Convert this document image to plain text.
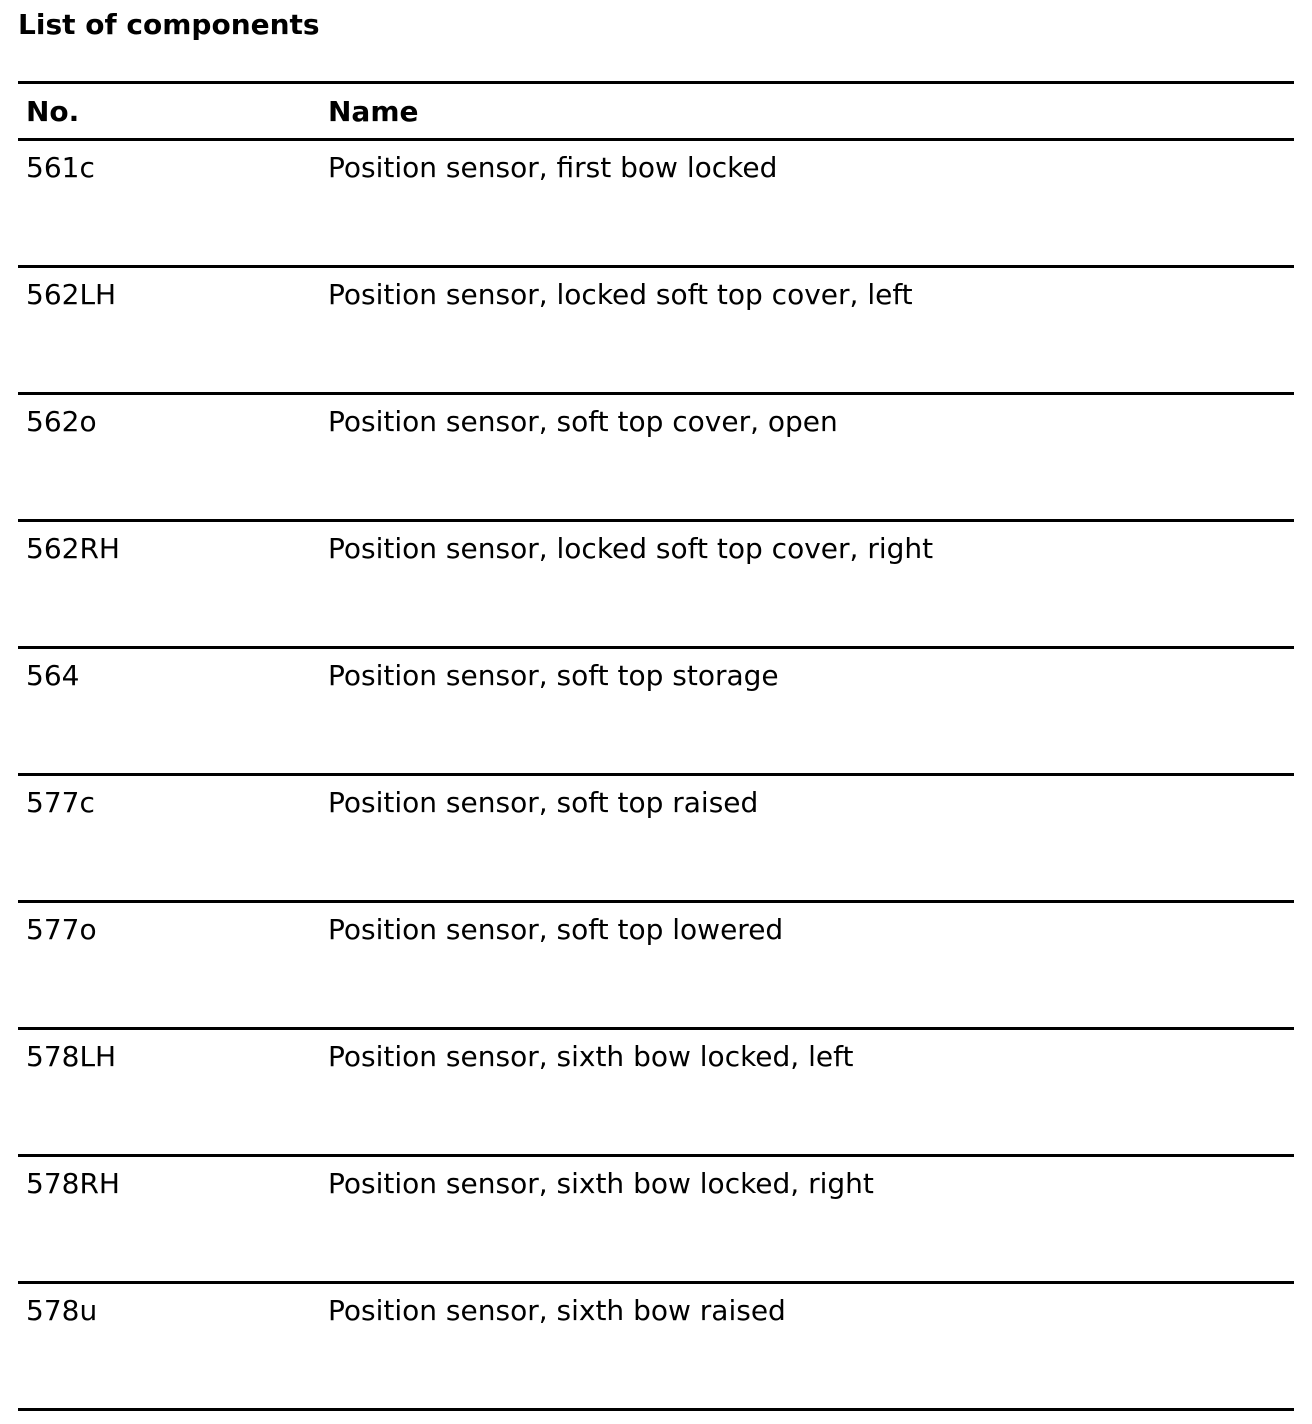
List of components
No.	Name
561c	Position sensor, first bow locked
562LH	Position sensor, locked soft top cover, left
562o	Position sensor, soft top cover, open
562RH	Position sensor, locked soft top cover, right
564	Position sensor, soft top storage
577c	Position sensor, soft top raised
577o	Position sensor, soft top lowered
578LH	Position sensor, sixth bow locked, left
578RH	Position sensor, sixth bow locked, right
578u	Position sensor, sixth bow raised
